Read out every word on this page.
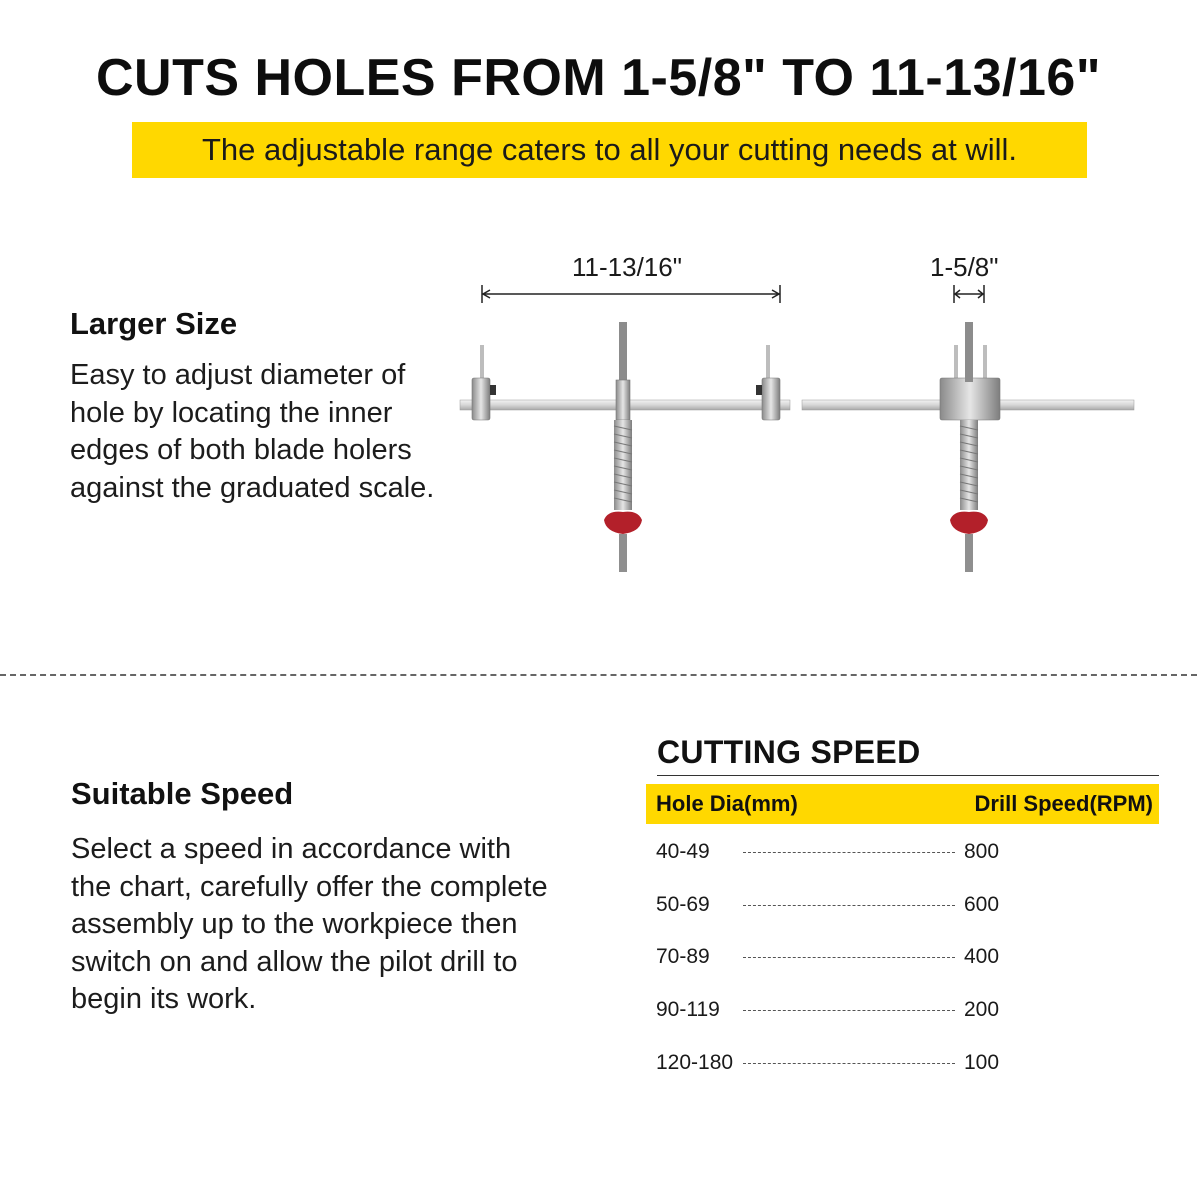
CUTS HOLES FROM 1-5/8" TO 11-13/16"
The adjustable range caters to all your cutting needs at will.
Larger Size
Easy to adjust diameter of
hole by locating the inner
edges of both blade holers
against the graduated scale.
11-13/16"	1-5/8"
Suitable Speed
Select a speed in accordance with
the chart, carefully offer the complete
assembly up to the workpiece then
switch on and allow the pilot drill to
begin its work.
CUTTING SPEED
Hole Dia(mm)	Drill Speed(RPM)
40-49	800
50-69	600
70-89	400
90-119	200
120-180	100
